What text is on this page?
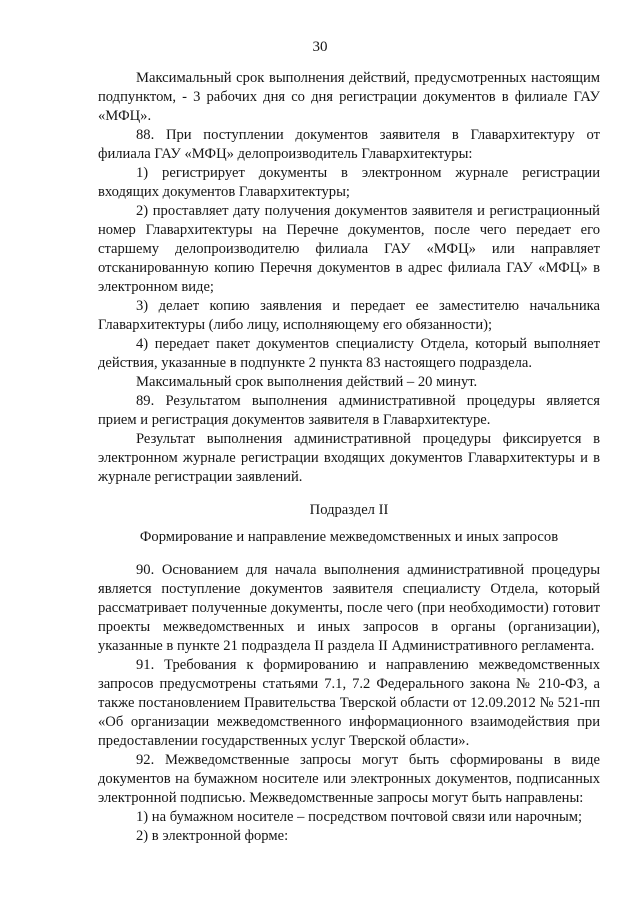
30

Максимальный срок выполнения действий, предусмотренных настоящим подпунктом, - 3 рабочих дня со дня регистрации документов в филиале ГАУ «МФЦ».

88. При поступлении документов заявителя в Главархитектуру от филиала ГАУ «МФЦ» делопроизводитель Главархитектуры:

1) регистрирует документы в электронном журнале регистрации входящих документов Главархитектуры;

2) проставляет дату получения документов заявителя и регистрационный номер Главархитектуры на Перечне документов, после чего передает его старшему делопроизводителю филиала ГАУ «МФЦ» или направляет отсканированную копию Перечня документов в адрес филиала ГАУ «МФЦ» в электронном виде;

3) делает копию заявления и передает ее заместителю начальника Главархитектуры (либо лицу, исполняющему его обязанности);

4) передает пакет документов специалисту Отдела, который выполняет действия, указанные в подпункте 2 пункта 83 настоящего подраздела.

Максимальный срок выполнения действий – 20 минут.

89. Результатом выполнения административной процедуры является прием и регистрация документов заявителя в Главархитектуре.

Результат выполнения административной процедуры фиксируется в электронном журнале регистрации входящих документов Главархитектуры и в журнале регистрации заявлений.

Подраздел II

Формирование и направление межведомственных и иных запросов

90. Основанием для начала выполнения административной процедуры является поступление документов заявителя специалисту Отдела, который рассматривает полученные документы, после чего (при необходимости) готовит проекты межведомственных и иных запросов в органы (организации), указанные в пункте 21 подраздела II раздела II Административного регламента.

91. Требования к формированию и направлению межведомственных запросов предусмотрены статьями 7.1, 7.2 Федерального закона № 210-ФЗ, а также постановлением Правительства Тверской области от 12.09.2012 № 521-пп «Об организации межведомственного информационного взаимодействия при предоставлении государственных услуг Тверской области».

92. Межведомственные запросы могут быть сформированы в виде документов на бумажном носителе или электронных документов, подписанных электронной подписью. Межведомственные запросы могут быть направлены:

1) на бумажном носителе – посредством почтовой связи или нарочным;

2) в электронной форме:
